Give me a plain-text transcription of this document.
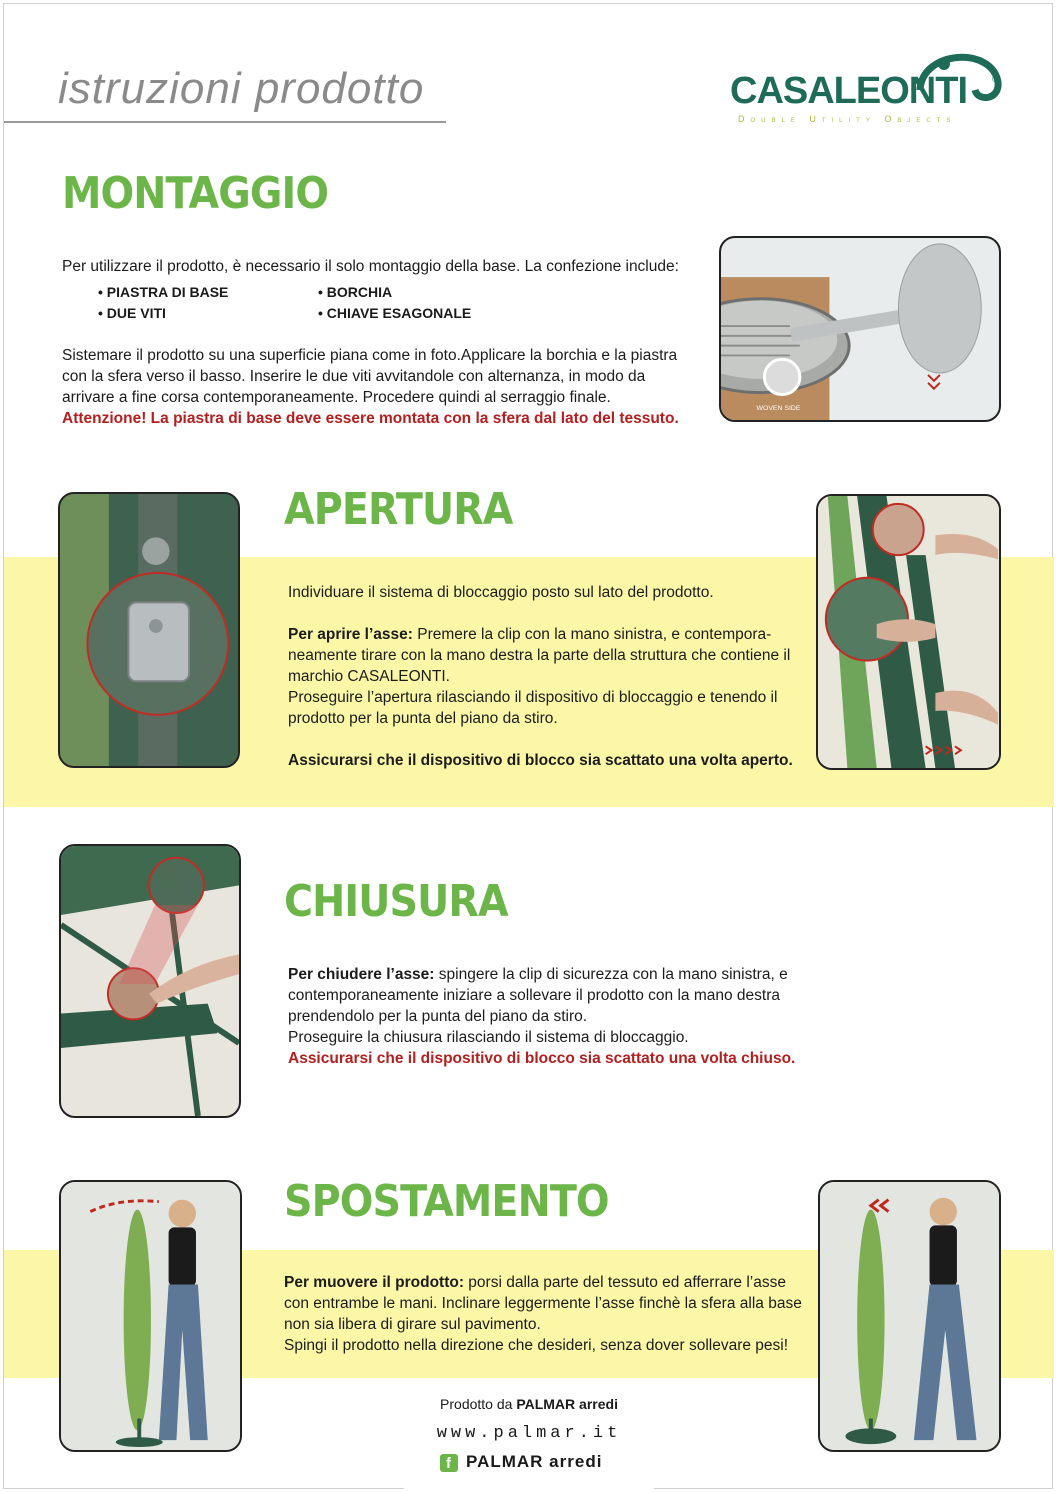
istruzioni prodotto	CASALEONTI	®
Double Utility Objects
MONTAGGIO
Per utilizzare il prodotto, è necessario il solo montaggio della base. La confezione include:
• PIASTRA DI BASE
• DUE VITI
• BORCHIA
• CHIAVE ESAGONALE

Sistemare il prodotto su una superficie piana come in foto.Applicare la borchia e la piastra con la sfera verso il basso. Inserire le due viti avvitandole con alternanza, in modo da arrivare a fine corsa contemporaneamente. Procedere quindi al serraggio finale.

Attenzione! La piastra di base deve essere montata con la sfera dal lato del tessuto.

WOVEN SIDE
APERTURA

Individuare il sistema di bloccaggio posto sul lato del prodotto.

Per aprire l’asse: Premere la clip con la mano sinistra, e contempora-neamente tirare con la mano destra la parte della struttura che contiene il marchio CASALEONTI.

Proseguire l’apertura rilasciando il dispositivo di bloccaggio e tenendo il prodotto per la punta del piano da stiro.

Assicurarsi che il dispositivo di blocco sia scattato una volta aperto.

CHIUSURA

Per chiudere l’asse: spingere la clip di sicurezza con la mano sinistra, e contemporaneamente iniziare a sollevare il prodotto con la mano destra prendendolo per la punta del piano da stiro.

Proseguire la chiusura rilasciando il sistema di bloccaggio.

Assicurarsi che il dispositivo di blocco sia scattato una volta chiuso.

SPOSTAMENTO

Per muovere il prodotto: porsi dalla parte del tessuto ed afferrare l’asse con entrambe le mani. Inclinare leggermente l’asse finchè la sfera alla base non sia libera di girare sul pavimento.

Spingi il prodotto nella direzione che desideri, senza dover sollevare pesi!

Prodotto da PALMAR arredi
www.palmar.it
f PALMAR arredi
